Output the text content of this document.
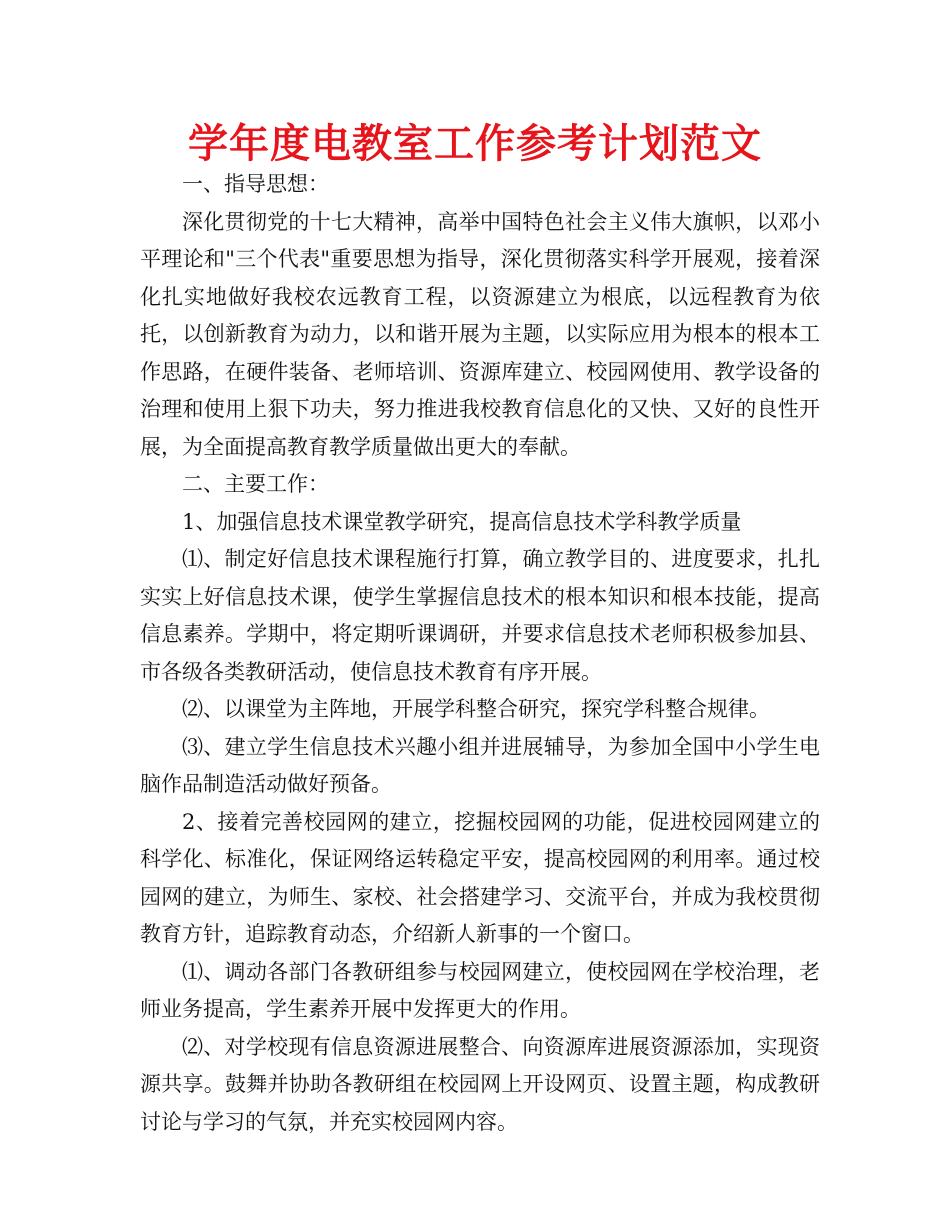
学年度电教室工作参考计划范文

一、指导思想：

深化贯彻党的十七大精神，高举中国特色社会主义伟大旗帜，以邓小平理论和"三个代表"重要思想为指导，深化贯彻落实科学开展观，接着深化扎实地做好我校农远教育工程，以资源建立为根底，以远程教育为依托，以创新教育为动力，以和谐开展为主题，以实际应用为根本的根本工作思路，在硬件装备、老师培训、资源库建立、校园网使用、教学设备的治理和使用上狠下功夫，努力推进我校教育信息化的又快、又好的良性开展，为全面提高教育教学质量做出更大的奉献。

二、主要工作：

1、加强信息技术课堂教学研究，提高信息技术学科教学质量

⑴、制定好信息技术课程施行打算，确立教学目的、进度要求，扎扎实实上好信息技术课，使学生掌握信息技术的根本知识和根本技能，提高信息素养。学期中，将定期听课调研，并要求信息技术老师积极参加县、市各级各类教研活动，使信息技术教育有序开展。

⑵、以课堂为主阵地，开展学科整合研究，探究学科整合规律。

⑶、建立学生信息技术兴趣小组并进展辅导，为参加全国中小学生电脑作品制造活动做好预备。

2、接着完善校园网的建立，挖掘校园网的功能，促进校园网建立的科学化、标准化，保证网络运转稳定平安，提高校园网的利用率。通过校园网的建立，为师生、家校、社会搭建学习、交流平台，并成为我校贯彻教育方针，追踪教育动态，介绍新人新事的一个窗口。

⑴、调动各部门各教研组参与校园网建立，使校园网在学校治理，老师业务提高，学生素养开展中发挥更大的作用。

⑵、对学校现有信息资源进展整合、向资源库进展资源添加，实现资源共享。鼓舞并协助各教研组在校园网上开设网页、设置主题，构成教研讨论与学习的气氛，并充实校园网内容。
